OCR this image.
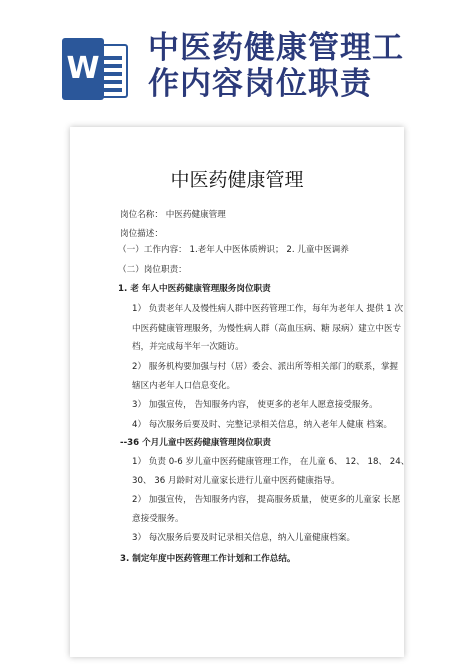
W
中医药健康管理工
作内容岗位职责
中医药健康管理
岗位名称： 中医药健康管理
岗位描述：
（一）工作内容： 1.老年人中医体质辨识； 2. 儿童中医调养
（二）岗位职责：
1. 老 年人中医药健康管理服务岗位职责
1） 负责老年人及慢性病人群中医药管理工作，每年为老年人 提供 1 次
中医药健康管理服务，为慢性病人群（高血压病、糖 尿病）建立中医专
档，并完成每半年一次随访。
2） 服务机构要加强与村（居）委会、派出所等相关部门的联系，掌握
辖区内老年人口信息变化。
3） 加强宣传， 告知服务内容， 使更多的老年人愿意接受服务。
4） 每次服务后要及时、完整记录相关信息，纳入老年人健康 档案。
--36 个月儿童中医药健康管理岗位职责
1） 负责 0-6 岁儿童中医药健康管理工作， 在儿童 6、 12、 18、 24、
30、 36 月龄时对儿童家长进行儿童中医药健康指导。
2） 加强宣传， 告知服务内容， 提高服务质量， 使更多的儿童家 长愿
意接受服务。
3） 每次服务后要及时记录相关信息，纳入儿童健康档案。
3. 制定年度中医药管理工作计划和工作总结。
